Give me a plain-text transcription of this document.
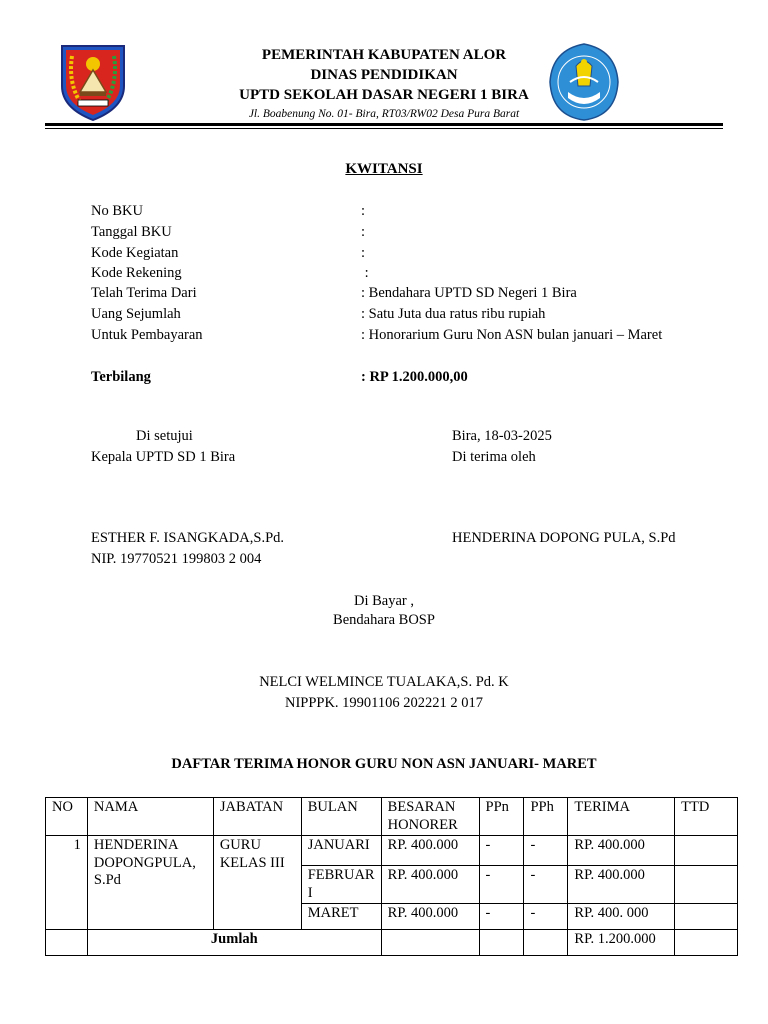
PEMERINTAH KABUPATEN ALOR
DINAS PENDIDIKAN
UPTD SEKOLAH DASAR NEGERI 1 BIRA
Jl. Boabenung No. 01- Bira, RT03/RW02 Desa Pura Barat
KWITANSI
No BKU	:
Tanggal BKU	:
Kode Kegiatan	:
Kode Rekening	:
Telah Terima Dari	: Bendahara UPTD SD Negeri 1 Bira
Uang Sejumlah	: Satu Juta dua ratus ribu rupiah
Untuk Pembayaran	: Honorarium Guru Non ASN bulan januari – Maret
Terbilang	: RP 1.200.000,00
Di setujui
Kepala UPTD SD 1 Bira
Bira, 18-03-2025
Di terima oleh
ESTHER F. ISANGKADA,S.Pd.
NIP. 19770521 199803 2 004
HENDERINA DOPONG PULA, S.Pd
Di Bayar ,
Bendahara BOSP
NELCI WELMINCE TUALAKA,S. Pd. K
NIPPPK. 19901106 202221 2 017
DAFTAR TERIMA HONOR GURU NON ASN JANUARI- MARET
NO	NAMA	JABATAN	BULAN	BESARAN HONORER	PPn	PPh	TERIMA	TTD
1	HENDERINA DOPONGPULA, S.Pd	GURU KELAS III	JANUARI	RP. 400.000	-	-	RP. 400.000	
			FEBRUARI	RP. 400.000	-	-	RP. 400.000	
			MARET	RP. 400.000	-	-	RP. 400. 000	
	Jumlah						RP. 1.200.000	
